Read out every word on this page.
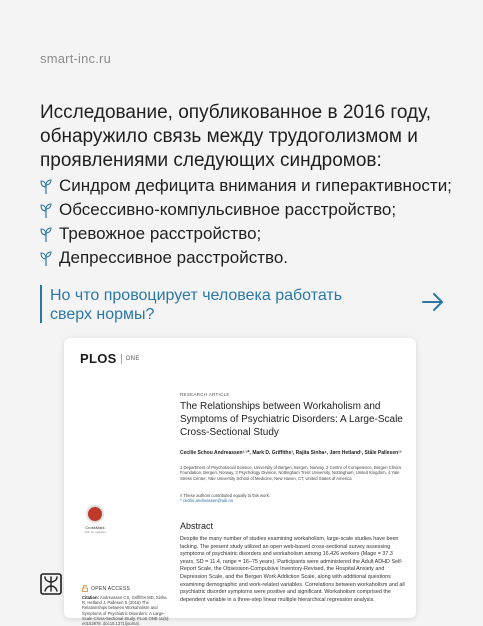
smart-inc.ru
Исследование, опубликованное в 2016 году, обнаружило связь между трудоголизмом и проявлениями следующих синдромов:
Синдром дефицита внимания и гиперактивности;
Обсессивно-компульсивное расстройство;
Тревожное расстройство;
Депрессивное расстройство.
Но что провоцирует человека работать сверх нормы?
PLOS ONE
RESEARCH ARTICLE
The Relationships between Workaholism and Symptoms of Psychiatric Disorders: A Large-Scale Cross-Sectional Study
Cecilie Schou Andreassen¹·²*, Mark D. Griffiths³, Rajita Sinha⁴, Jørn Hetland¹, Ståle Pallesen¹²
1 Department of Psychosocial Science, University of Bergen, Bergen, Norway, 2 Centre of Competence, Bergen Clinics Foundation, Bergen, Norway, 3 Psychology Division, Nottingham Trent University, Nottingham, United Kingdom, 4 Yale Stress Center, Yale University School of Medicine, New Haven, CT, United States of America
¤ These authors contributed equally to this work.
* cecilie.andreassen@uib.no
CrossMark
click for updates
Abstract
Despite the many number of studies examining workaholism, large-scale studies have been lacking. The present study utilized an open web-based cross-sectional survey assessing symptoms of psychiatric disorders and workaholism among 16,426 workers (Mage = 37.3 years, SD = 11.4, range = 16–75 years). Participants were administered the Adult ADHD Self-Report Scale, the Obsession-Compulsive Inventory-Revised, the Hospital Anxiety and Depression Scale, and the Bergen Work Addiction Scale, along with additional questions examining demographic and work-related variables. Correlations between workaholism and all psychiatric disorder symptoms were positive and significant. Workaholism comprised the dependent variable in a three-step linear multiple hierarchical regression analysis.
OPEN ACCESS
Citation: Andreassen CS, Griffiths MD, Sinha R, Hetland J, Pallesen S (2016) The Relationships between Workaholism and Symptoms of Psychiatric Disorders: A Large-Scale Cross-Sectional Study. PLoS ONE 11(5): e0152978. doi:10.1371/journal.
